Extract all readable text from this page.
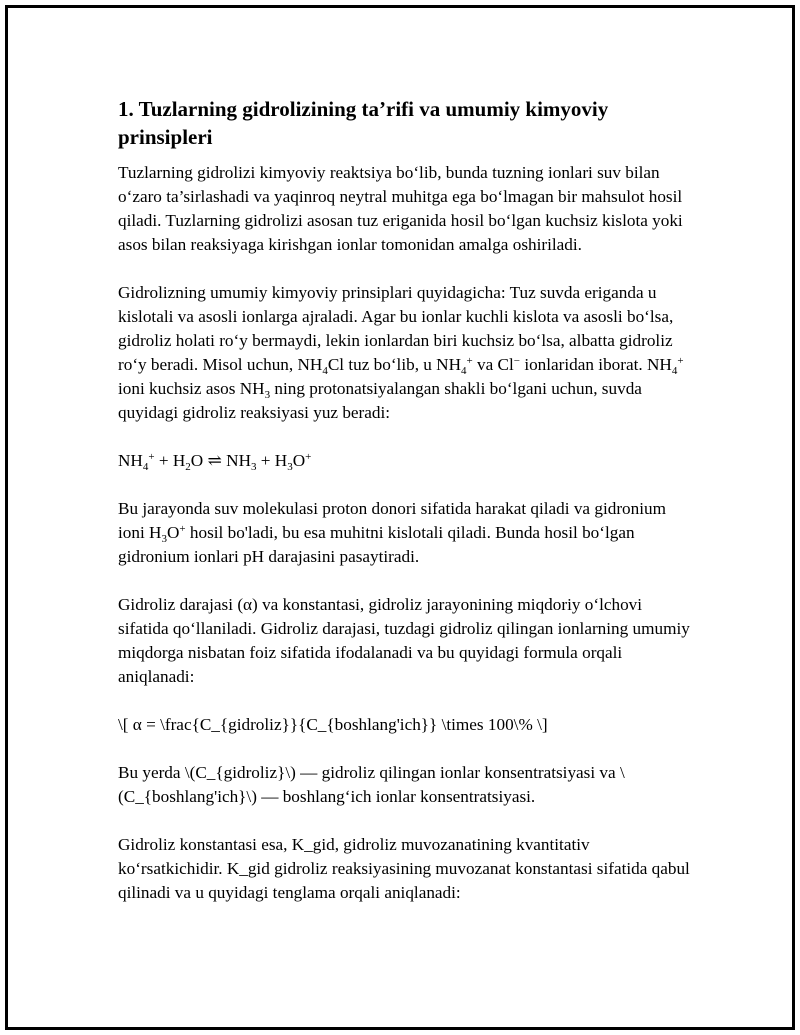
1. Tuzlarning gidrolizining ta’rifi va umumiy kimyoviy prinsipleri

Tuzlarning gidrolizi kimyoviy reaktsiya bo‘lib, bunda tuzning ionlari suv bilan o‘zaro ta’sirlashadi va yaqinroq neytral muhitga ega bo‘lmagan bir mahsulot hosil qiladi. Tuzlarning gidrolizi asosan tuz eriganida hosil bo‘lgan kuchsiz kislota yoki asos bilan reaksiyaga kirishgan ionlar tomonidan amalga oshiriladi.

Gidrolizning umumiy kimyoviy prinsiplari quyidagicha: Tuz suvda eriganda u kislotali va asosli ionlarga ajraladi. Agar bu ionlar kuchli kislota va asosli bo‘lsa, gidroliz holati ro‘y bermaydi, lekin ionlardan biri kuchsiz bo‘lsa, albatta gidroliz ro‘y beradi. Misol uchun, $NH_4Cl$ tuz bo‘lib, u $NH_4^+$ va Cl− ionlaridan iborat. $NH_4^+$ ioni kuchsiz asos $NH_3$ ning protonatsiyalangan shakli bo‘lgani uchun, suvda quyidagi gidroliz reaksiyasi yuz beradi:

$NH_4^+ + H_2O$ ⇌ $NH_3 + H_3O^+$

Bu jarayonda suv molekulasi proton donori sifatida harakat qiladi va gidronium ioni $H_3O^+$ hosil bo'ladi, bu esa muhitni kislotali qiladi. Bunda hosil bo‘lgan gidronium ionlari pH darajasini pasaytiradi.

Gidroliz darajasi (α) va konstantasi, gidroliz jarayonining miqdoriy o‘lchovi sifatida qo‘llaniladi. Gidroliz darajasi, tuzdagi gidroliz qilingan ionlarning umumiy miqdorga nisbatan foiz sifatida ifodalanadi va bu quyidagi formula orqali aniqlanadi:

\[ α = \frac{C_{gidroliz}}{C_{boshlang'ich}} \times 100\% \]

Bu yerda \(C_{gidroliz}\) — gidroliz qilingan ionlar konsentratsiyasi va \(C_{boshlang'ich}\) — boshlang‘ich ionlar konsentratsiyasi.

Gidroliz konstantasi esa, K_gid, gidroliz muvozanatining kvantitativ ko‘rsatkichidir. K_gid gidroliz reaksiyasining muvozanat konstantasi sifatida qabul qilinadi va u quyidagi tenglama orqali aniqlanadi:
